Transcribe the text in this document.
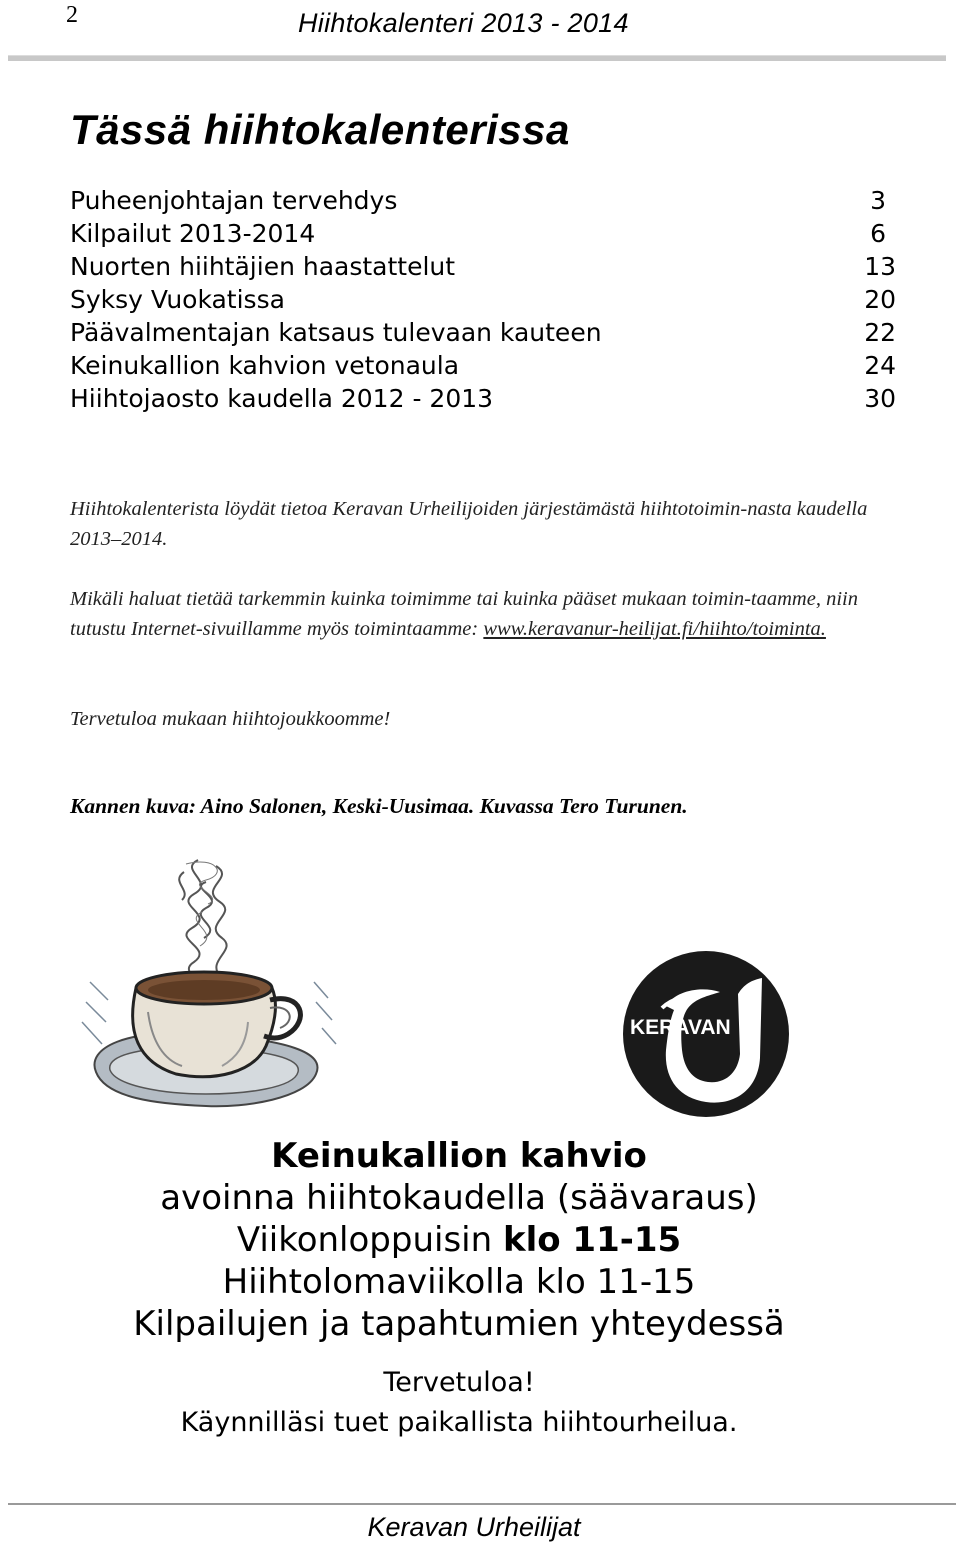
2	Hiihtokalenteri 2013 - 2014
Tässä hiihtokalenterissa
Puheenjohtajan tervehdys	3
Kilpailut 2013-2014	6
Nuorten hiihtäjien haastattelut	13
Syksy Vuokatissa	20
Päävalmentajan katsaus tulevaan kauteen	22
Keinukallion kahvion vetonaula	24
Hiihtojaosto kaudella 2012 - 2013	30

Hiihtokalenterista löydät tietoa Keravan Urheilijoiden järjestämästä hiihtotoimin-nasta kaudella 2013–2014.

Mikäli haluat tietää tarkemmin kuinka toimimme tai kuinka pääset mukaan toimin-taamme, niin tutustu Internet-sivuillamme myös toimintaamme: www.keravanur-heilijat.fi/hiihto/toiminta.

Tervetuloa mukaan hiihtojoukkoomme!

Kannen kuva: Aino Salonen, Keski-Uusimaa. Kuvassa Tero Turunen.

KERAVAN
Keinukallion kahvio
avoinna hiihtokaudella (säävaraus)
Viikonloppuisin klo 11-15
Hiihtolomaviikolla klo 11-15
Kilpailujen ja tapahtumien yhteydessä
Tervetuloa!
Käynnilläsi tuet paikallista hiihtourheilua.
Keravan Urheilijat
